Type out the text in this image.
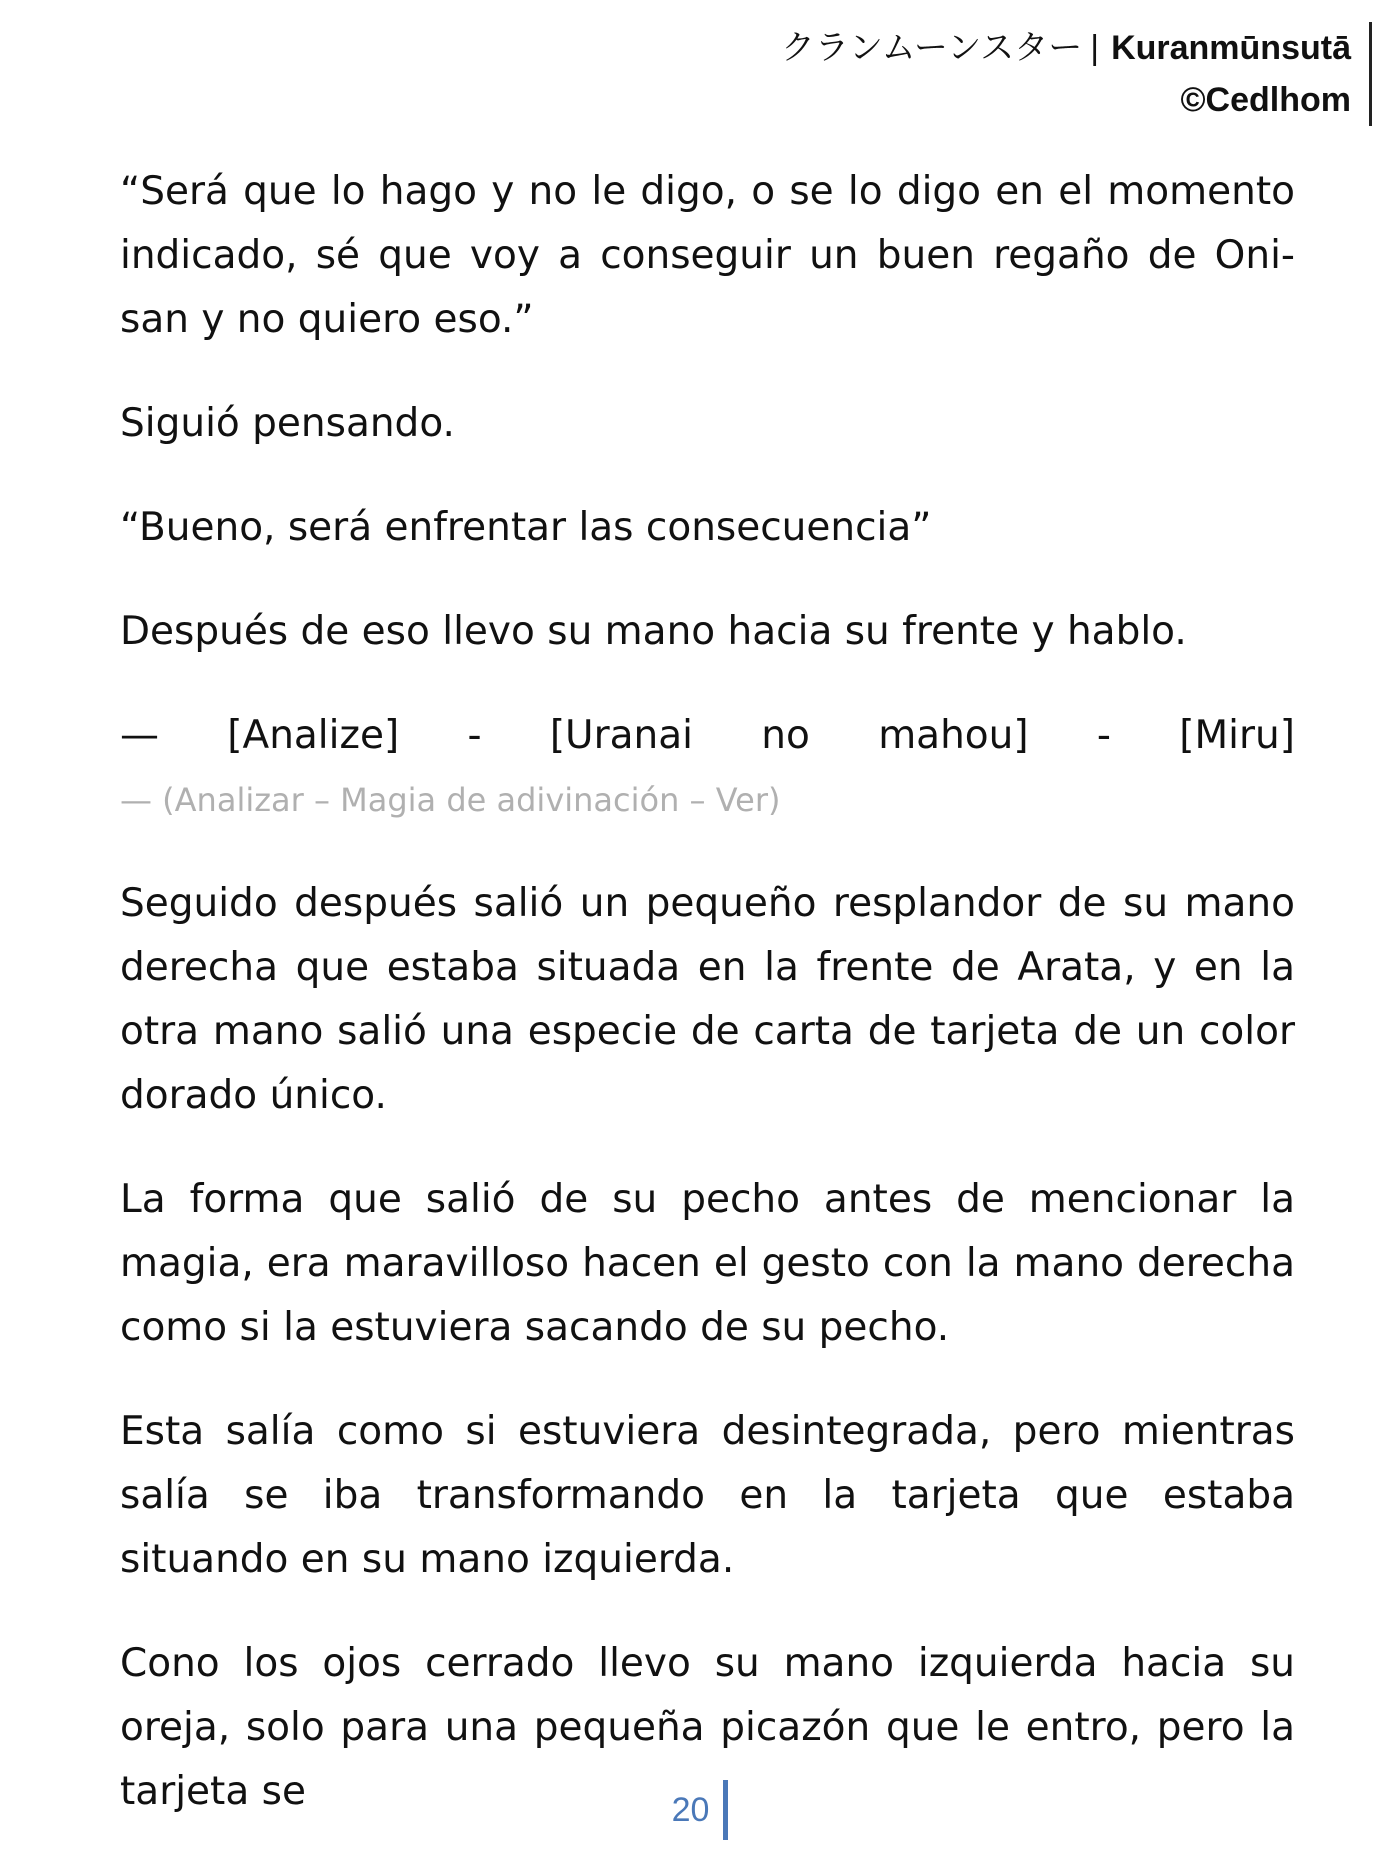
クランムーンスター | Kuranmūnsutā
©Cedlhom

“Será que lo hago y no le digo, o se lo digo en el momento indicado, sé que voy a conseguir un buen regaño de Oni-san y no quiero eso.”

Siguió pensando.

“Bueno, será enfrentar las consecuencia”

Después de eso llevo su mano hacia su frente y hablo.

— [Analize] - [Uranai no mahou] - [Miru]

— (Analizar – Magia de adivinación – Ver)

Seguido después salió un pequeño resplandor de su mano derecha que estaba situada en la frente de Arata, y en la otra mano salió una especie de carta de tarjeta de un color dorado único.

La forma que salió de su pecho antes de mencionar la magia, era maravilloso hacen el gesto con la mano derecha como si la estuviera sacando de su pecho.

Esta salía como si estuviera desintegrada, pero mientras salía se iba transformando en la tarjeta que estaba situando en su mano izquierda.

Cono los ojos cerrado llevo su mano izquierda hacia su oreja, solo para una pequeña picazón que le entro, pero la tarjeta se	20
